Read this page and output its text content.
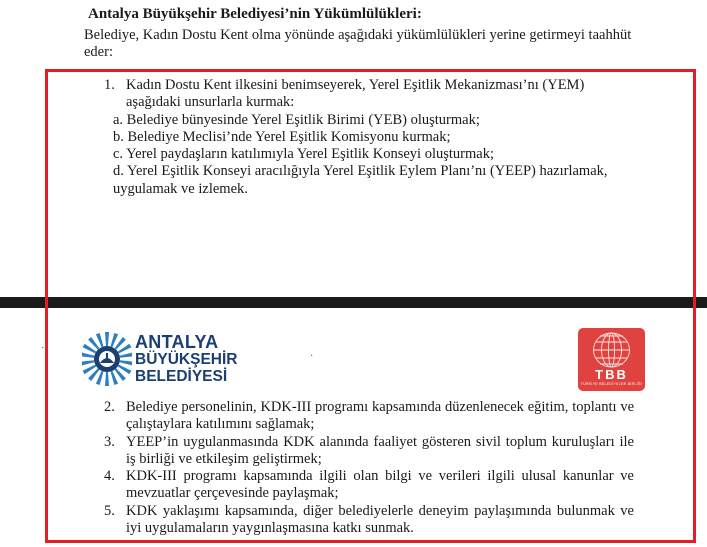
Antalya Büyükşehir Belediyesi’nin Yükümlülükleri:

Belediye, Kadın Dostu Kent olma yönünde aşağıdaki yükümlülükleri yerine getirmeyi taahhüt eder:

1. Kadın Dostu Kent ilkesini benimseyerek, Yerel Eşitlik Mekanizması’nı (YEM)
aşağıdaki unsurlarla kurmak:
a. Belediye bünyesinde Yerel Eşitlik Birimi (YEB) oluşturmak;
b. Belediye Meclisi’nde Yerel Eşitlik Komisyonu kurmak;
c. Yerel paydaşların katılımıyla Yerel Eşitlik Konseyi oluşturmak;
d. Yerel Eşitlik Konseyi aracılığıyla Yerel Eşitlik Eylem Planı’nı (YEEP) hazırlamak,
uygulamak ve izlemek.
·
·
ANTALYA
BÜYÜKŞEHİR
BELEDİYESİ	TBB
TÜRKİYE BELEDİYELER BİRLİĞİ
2. Belediye personelinin, KDK-III programı kapsamında düzenlenecek eğitim, toplantı ve çalıştaylara katılımını sağlamak;
3. YEEP’in uygulanmasında KDK alanında faaliyet gösteren sivil toplum kuruluşları ile iş birliği ve etkileşim geliştirmek;
4. KDK-III programı kapsamında ilgili olan bilgi ve verileri ilgili ulusal kanunlar ve mevzuatlar çerçevesinde paylaşmak;
5. KDK yaklaşımı kapsamında, diğer belediyelerle deneyim paylaşımında bulunmak ve iyi uygulamaların yaygınlaşmasına katkı sunmak.
